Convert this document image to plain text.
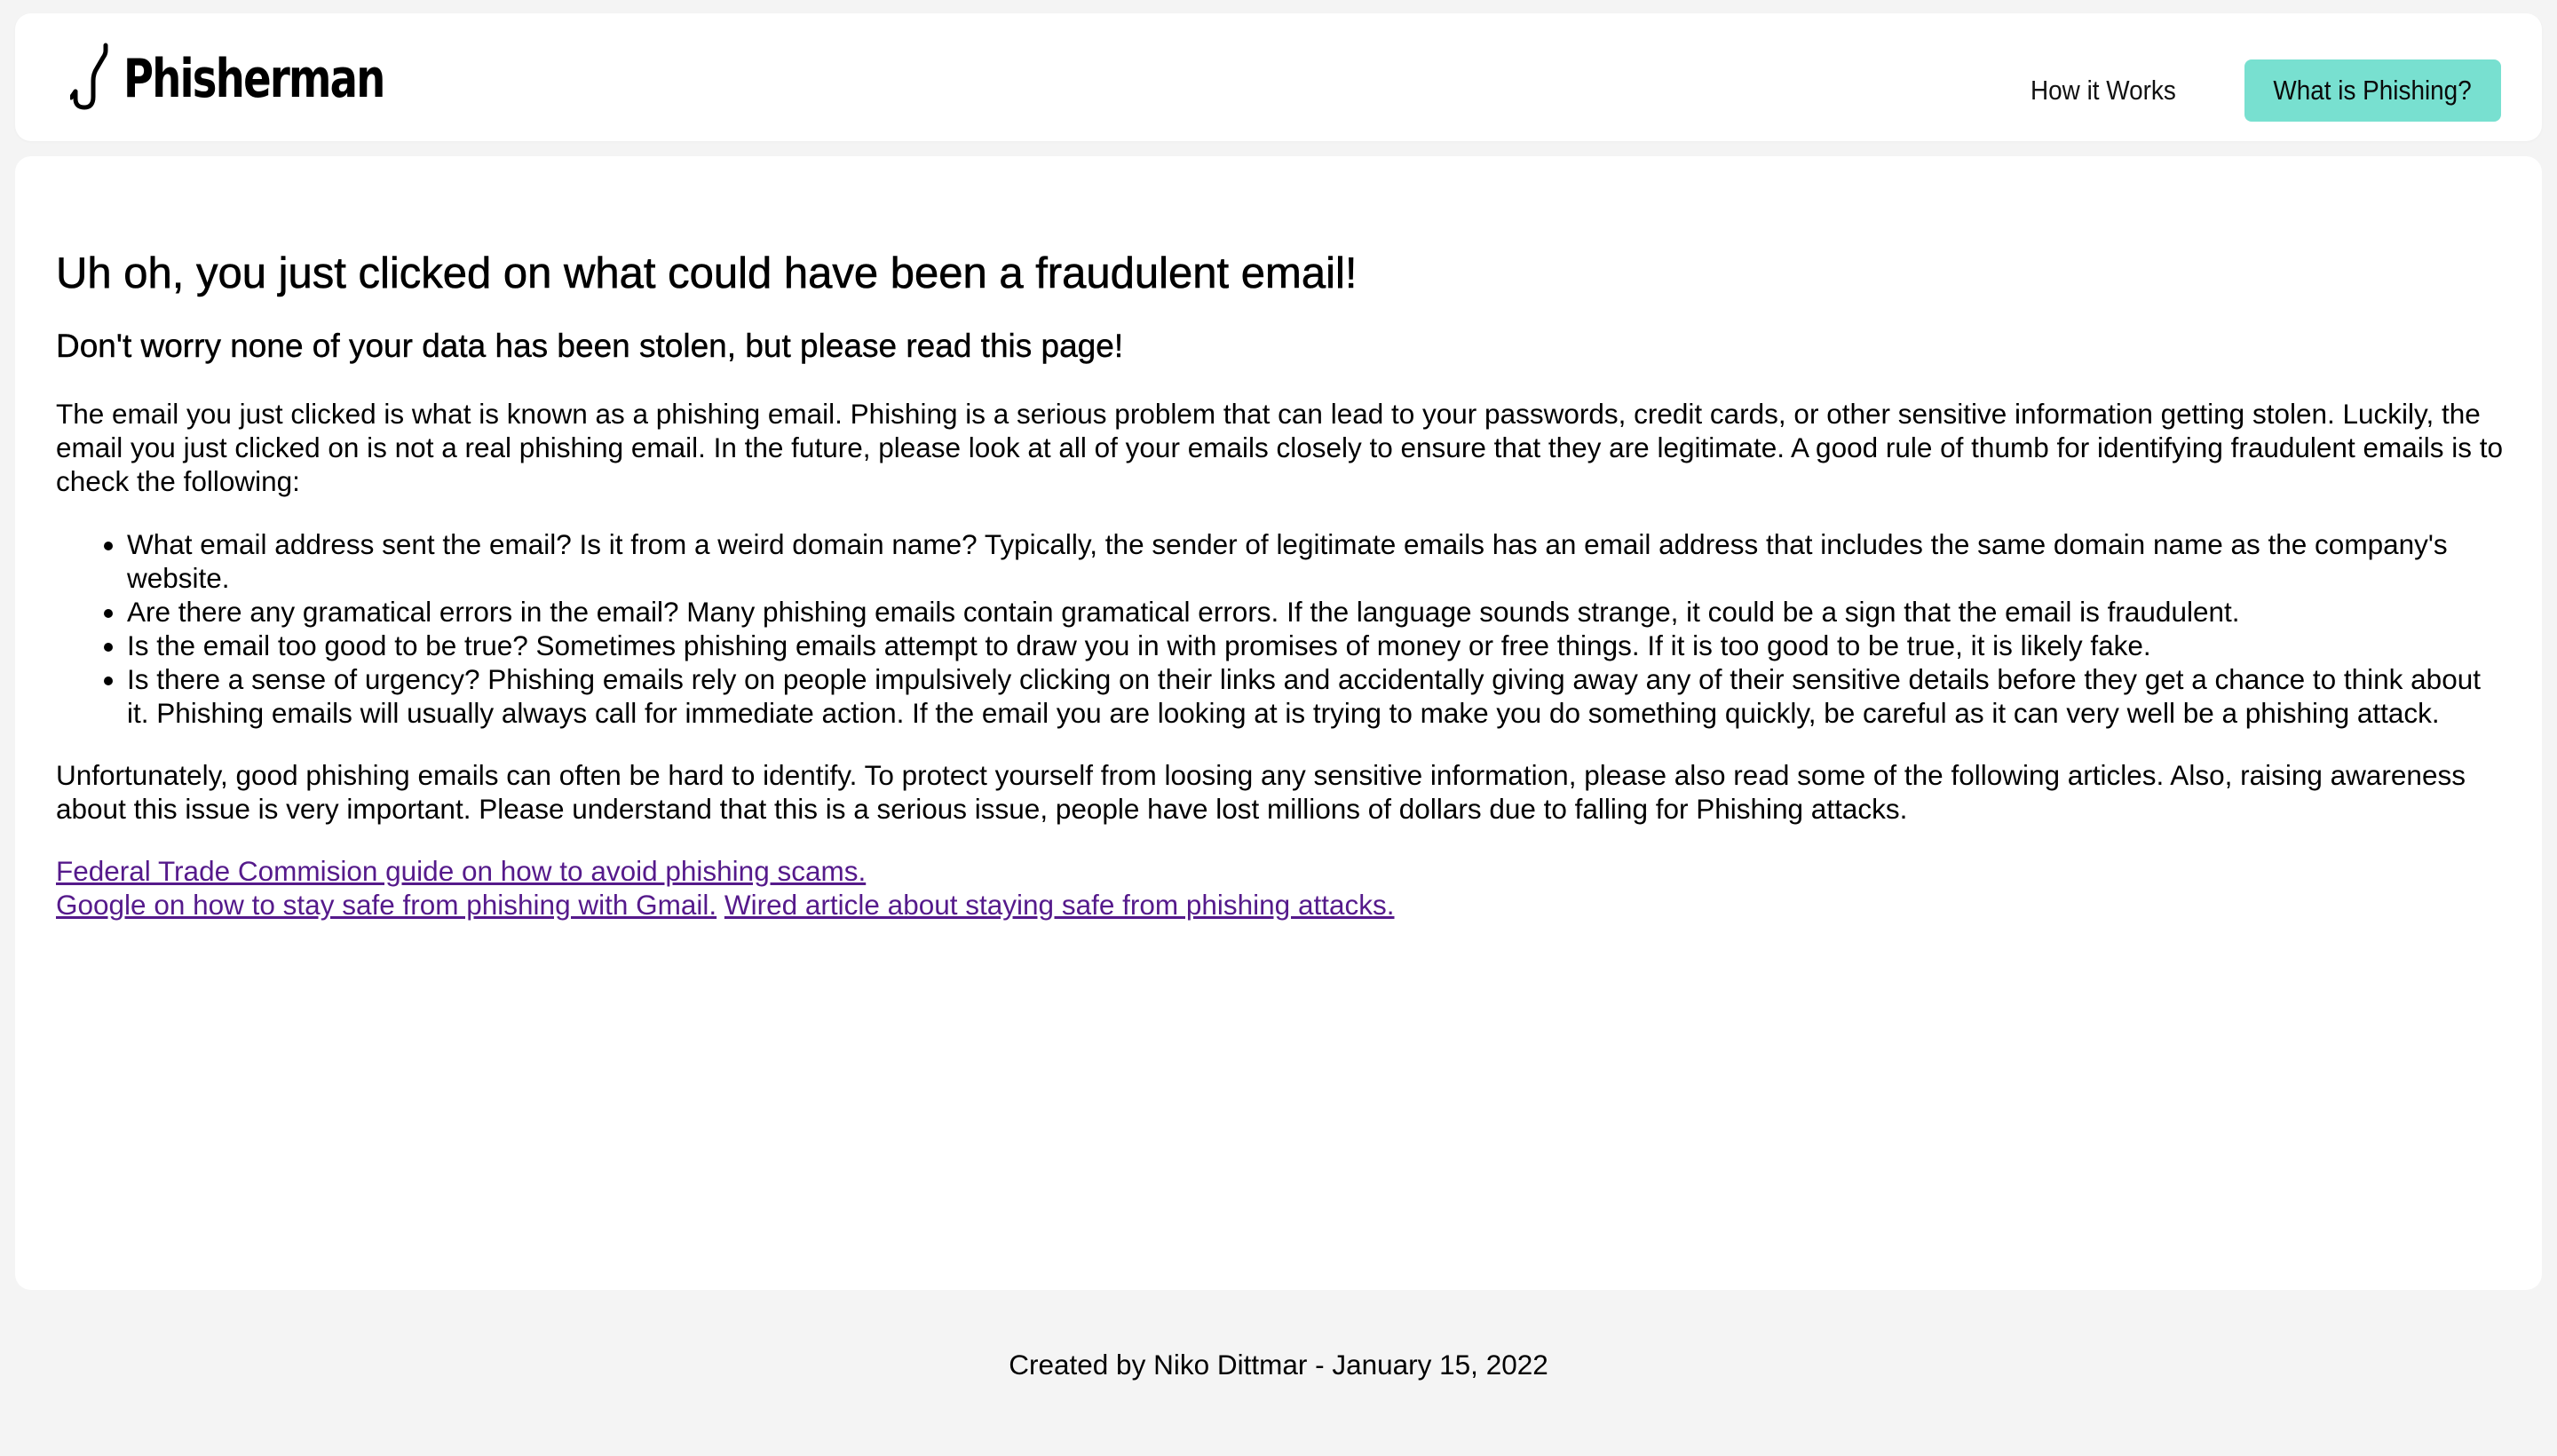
Phisherman	How it Works	What is Phishing?
Uh oh, you just clicked on what could have been a fraudulent email!
Don't worry none of your data has been stolen, but please read this page!

The email you just clicked is what is known as a phishing email. Phishing is a serious problem that can lead to your passwords, credit cards, or other sensitive information getting stolen. Luckily, the email you just clicked on is not a real phishing email. In the future, please look at all of your emails closely to ensure that they are legitimate. A good rule of thumb for identifying fraudulent emails is to check the following:

• What email address sent the email? Is it from a weird domain name? Typically, the sender of legitimate emails has an email address that includes the same domain name as the company's website.
• Are there any gramatical errors in the email? Many phishing emails contain gramatical errors. If the language sounds strange, it could be a sign that the email is fraudulent.
• Is the email too good to be true? Sometimes phishing emails attempt to draw you in with promises of money or free things. If it is too good to be true, it is likely fake.
• Is there a sense of urgency? Phishing emails rely on people impulsively clicking on their links and accidentally giving away any of their sensitive details before they get a chance to think about it. Phishing emails will usually always call for immediate action. If the email you are looking at is trying to make you do something quickly, be careful as it can very well be a phishing attack.

Unfortunately, good phishing emails can often be hard to identify. To protect yourself from loosing any sensitive information, please also read some of the following articles. Also, raising awareness about this issue is very important. Please understand that this is a serious issue, people have lost millions of dollars due to falling for Phishing attacks.

Federal Trade Commision guide on how to avoid phishing scams.
Google on how to stay safe from phishing with Gmail. Wired article about staying safe from phishing attacks.
Created by Niko Dittmar - January 15, 2022
